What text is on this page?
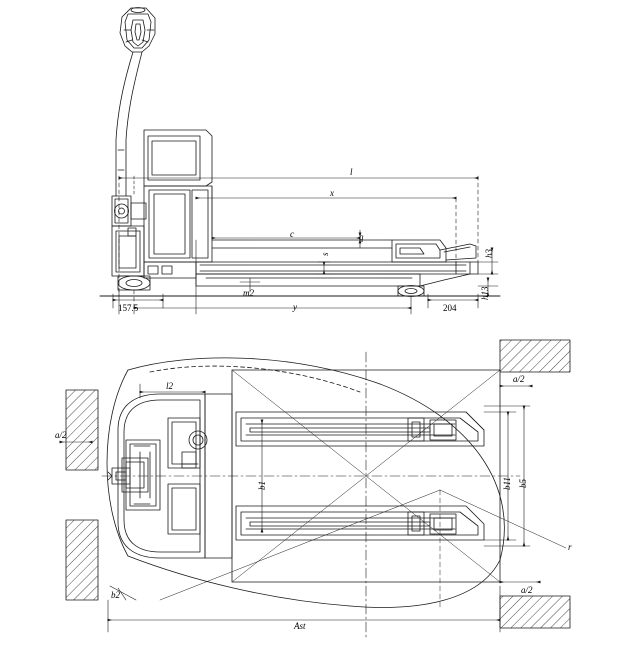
l
x
c	q
s	h3
m2	h13
y
157.5	204
l2
a/2
a/2
b1	b11 b5
r
a/2
b2
Ast
